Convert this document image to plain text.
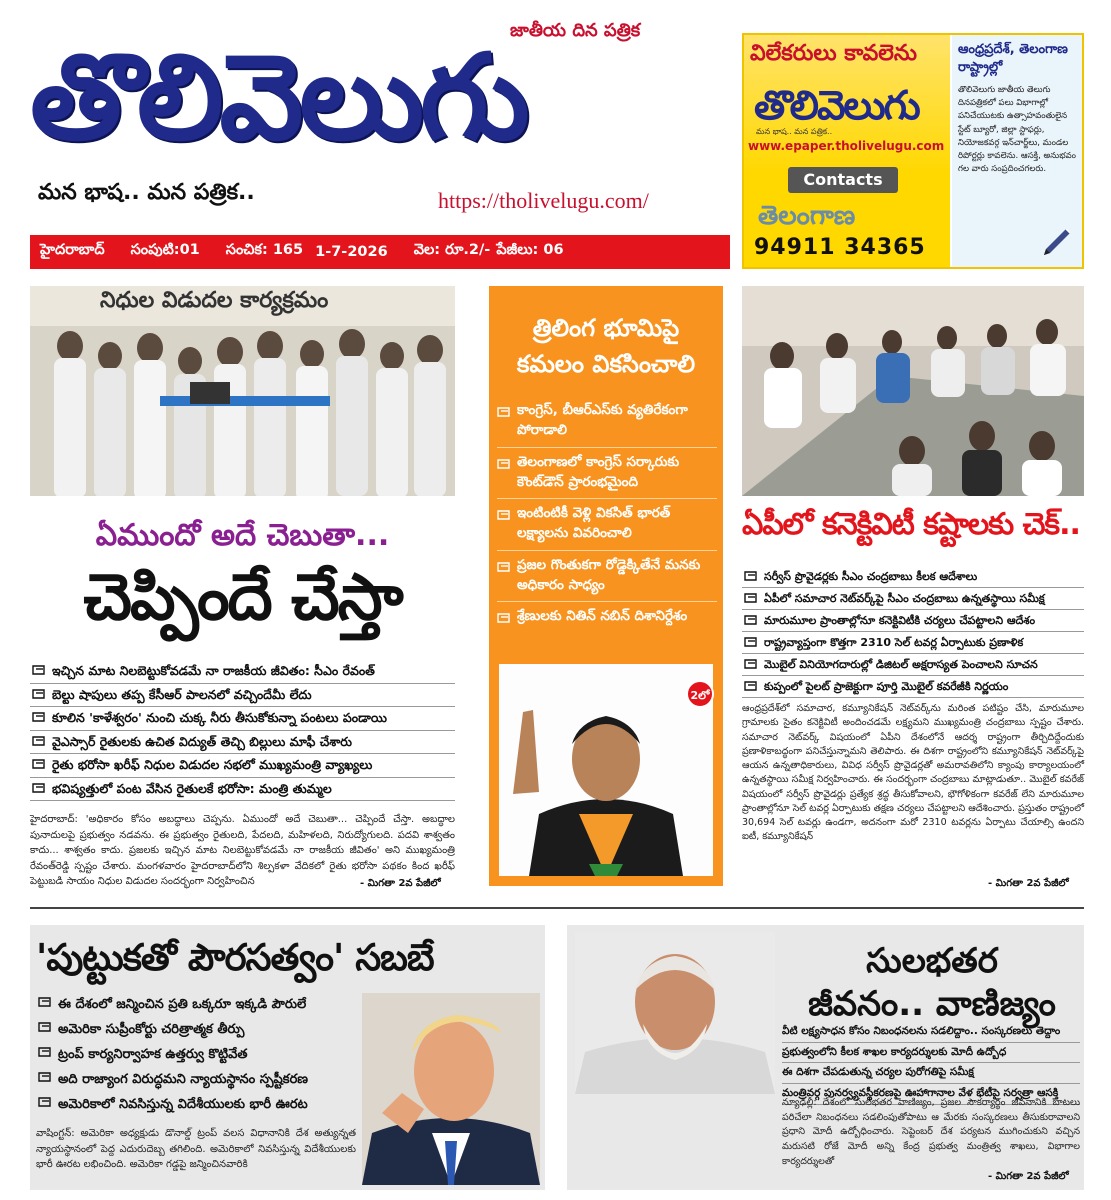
జాతీయ దిన పత్రిక
తొలివెలుగు
మన భాష.. మన పత్రిక..	https://tholivelugu.com/
విలేకరులు కావలెను
తొలివెలుగు
మన భాష.. మన పత్రిక..
www.epaper.tholivelugu.com
Contacts
తెలంగాణ
94911 34365
ఆంధ్రప్రదేశ్, తెలంగాణ రాష్ట్రాల్లో
తొలివెలుగు జాతీయ తెలుగు దినపత్రికలో పలు విభాగాల్లో పనిచేయుటకు ఉత్సాహవంతులైన స్టేట్ బ్యూరో, జిల్లా స్టాఫర్లు, నియోజకవర్గ ఇన్‌చార్జ్‌లు, మండల రిపోర్టర్లు కావలెను. ఆసక్తి, అనుభవం గల వారు సంప్రదించగలరు.
హైదరాబాద్ సంపుటి:01 సంచిక: 165 1-7-2026 వెల: రూ.2/- పేజీలు: 06
నిధుల విడుదల కార్యక్రమం
ఏముందో అదే చెబుతా...
చెప్పిందే చేస్తా
ఇచ్చిన మాట నిలబెట్టుకోవడమే నా రాజకీయ జీవితం: సీఎం రేవంత్
బెల్టు షాపులు తప్ప కేసీఆర్ పాలనలో వచ్చిందేమీ లేదు
కూలిన 'కాళేశ్వరం' నుంచి చుక్క నీరు తీసుకోకున్నా పంటలు పండాయి
వైఎస్సార్ రైతులకు ఉచిత విద్యుత్ తెచ్చి బిల్లులు మాఫీ చేశారు
రైతు భరోసా ఖరీఫ్ నిధుల విడుదల సభలో ముఖ్యమంత్రి వ్యాఖ్యలు
భవిష్యత్తులో పంట వేసిన రైతులకే భరోసా: మంత్రి తుమ్మల
హైదరాబాద్: 'అధికారం కోసం అబద్ధాలు చెప్పను. ఏముందో అదే చెబుతా... చెప్పిందే చేస్తా. అబద్ధాల పునాదులపై ప్రభుత్వం నడవను. ఈ ప్రభుత్వం రైతులది, పేదలది, మహిళలది, నిరుద్యోగులది. పదవి శాశ్వతం కాదు... శాశ్వతం కాదు. ప్రజలకు ఇచ్చిన మాట నిలబెట్టుకోవడమే నా రాజకీయ జీవితం' అని ముఖ్యమంత్రి రేవంత్‌రెడ్డి స్పష్టం చేశారు. మంగళవారం హైదరాబాద్‌లోని శిల్పకళా వేదికలో రైతు భరోసా పథకం కింద ఖరీఫ్ పెట్టుబడి సాయం నిధుల విడుదల సందర్భంగా నిర్వహించిన	- మిగతా 2వ పేజీలో
త్రిలింగ భూమిపై
కమలం వికసించాలి
కాంగ్రెస్, బీఆర్ఎస్‌కు వ్యతిరేకంగా పోరాడాలి
తెలంగాణలో కాంగ్రెస్ సర్కారుకు కౌంట్‌డౌన్ ప్రారంభమైంది
ఇంటింటికీ వెళ్లి వికసిత్ భారత్ లక్ష్యాలను వివరించాలి
ప్రజల గొంతుకగా రోడ్డెక్కితేనే మనకు అధికారం సాధ్యం
శ్రేణులకు నితిన్ నబిన్ దిశానిర్దేశం
2లో
ఏపీలో కనెక్టివిటీ కష్టాలకు చెక్..
సర్వీస్ ప్రొవైడర్లకు సీఎం చంద్రబాబు కీలక ఆదేశాలు
ఏపీలో సమాచార నెట్‌వర్క్‌పై సీఎం చంద్రబాబు ఉన్నతస్థాయి సమీక్ష
మారుమూల ప్రాంతాల్లోనూ కనెక్టివిటీకి చర్యలు చేపట్టాలని ఆదేశం
రాష్ట్రవ్యాప్తంగా కొత్తగా 2310 సెల్ టవర్ల ఏర్పాటుకు ప్రణాళిక
మొబైల్ వినియోగదారుల్లో డిజిటల్ అక్షరాస్యత పెంచాలని సూచన
కుప్పంలో పైలట్ ప్రాజెక్టుగా పూర్తి మొబైల్ కవరేజీకి నిర్ణయం
ఆంధ్రప్రదేశ్‌లో సమాచార, కమ్యూనికేషన్ నెట్‌వర్క్‌ను మరింత పటిష్టం చేసి, మారుమూల గ్రామాలకు సైతం కనెక్టివిటీ అందించడమే లక్ష్యమని ముఖ్యమంత్రి చంద్రబాబు స్పష్టం చేశారు. సమాచార నెట్‌వర్క్ విషయంలో ఏపీని దేశంలోనే ఆదర్శ రాష్ట్రంగా తీర్చిదిద్దేందుకు ప్రణాళికాబద్ధంగా పనిచేస్తున్నామని తెలిపారు. ఈ దిశగా రాష్ట్రంలోని కమ్యూనికేషన్ నెట్‌వర్క్‌పై ఆయన ఉన్నతాధికారులు, వివిధ సర్వీస్ ప్రొవైడర్లతో అమరావతిలోని క్యాంపు కార్యాలయంలో ఉన్నతస్థాయి సమీక్ష నిర్వహించారు. ఈ సందర్భంగా చంద్రబాబు మాట్లాడుతూ.. మొబైల్ కవరేజ్ విషయంలో సర్వీస్ ప్రొవైడర్లు ప్రత్యేక శ్రద్ధ తీసుకోవాలని, భౌగోళికంగా కవరేజ్ లేని మారుమూల ప్రాంతాల్లోనూ సెల్ టవర్ల ఏర్పాటుకు తక్షణ చర్యలు చేపట్టాలని ఆదేశించారు. ప్రస్తుతం రాష్ట్రంలో 30,694 సెల్ టవర్లు ఉండగా, అదనంగా మరో 2310 టవర్లను ఏర్పాటు చేయాల్సి ఉందని ఐటీ, కమ్యూనికేషన్
- మిగతా 2వ పేజీలో
'పుట్టుకతో పౌరసత్వం' సబబే
ఈ దేశంలో జన్మించిన ప్రతి ఒక్కరూ ఇక్కడి పౌరులే
అమెరికా సుప్రీంకోర్టు చరిత్రాత్మక తీర్పు
ట్రంప్ కార్యనిర్వాహక ఉత్తర్వు కొట్టివేత
అది రాజ్యాంగ విరుద్ధమని న్యాయస్థానం స్పష్టీకరణ
అమెరికాలో నివసిస్తున్న విదేశీయులకు భారీ ఊరట
వాషింగ్టన్: అమెరికా అధ్యక్షుడు డొనాల్డ్ ట్రంప్ వలస విధానానికి దేశ అత్యున్నత న్యాయస్థానంలో పెద్ద ఎదురుదెబ్బ తగిలింది. అమెరికాలో నివసిస్తున్న విదేశీయులకు భారీ ఊరట లభించింది. అమెరికా గడ్డపై జన్మించినవారికి
సులభతర
జీవనం.. వాణిజ్యం
వీటి లక్ష్యసాధన కోసం నిబంధనలను సడలిద్దాం.. సంస్కరణలు తెద్దాం
ప్రభుత్వంలోని కీలక శాఖల కార్యదర్శులకు మోదీ ఉద్బోధ
ఈ దిశగా చేపడుతున్న చర్యల పురోగతిపై సమీక్ష
మంత్రివర్గ పునర్వ్యవస్థీకరణపై ఊహాగానాల వేళ భేటీపై సర్వత్రా ఆసక్తి
న్యూఢిల్లీ: దేశంలో సులభతర వాణిజ్యం, ప్రజల సౌకర్యార్థం జీవనానికి బాటలు పరిచేలా నిబంధనలు సడలింపుతోపాటు ఆ మేరకు సంస్కరణలు తీసుకురావాలని ప్రధాని మోదీ ఉద్బోధించారు. సెప్టెంబర్ దేశ పర్యటన ముగించుకుని వచ్చిన మరుసటి రోజే మోదీ అన్ని కేంద్ర ప్రభుత్వ మంత్రిత్వ శాఖలు, విభాగాల కార్యదర్శులతో
- మిగతా 2వ పేజీలో
